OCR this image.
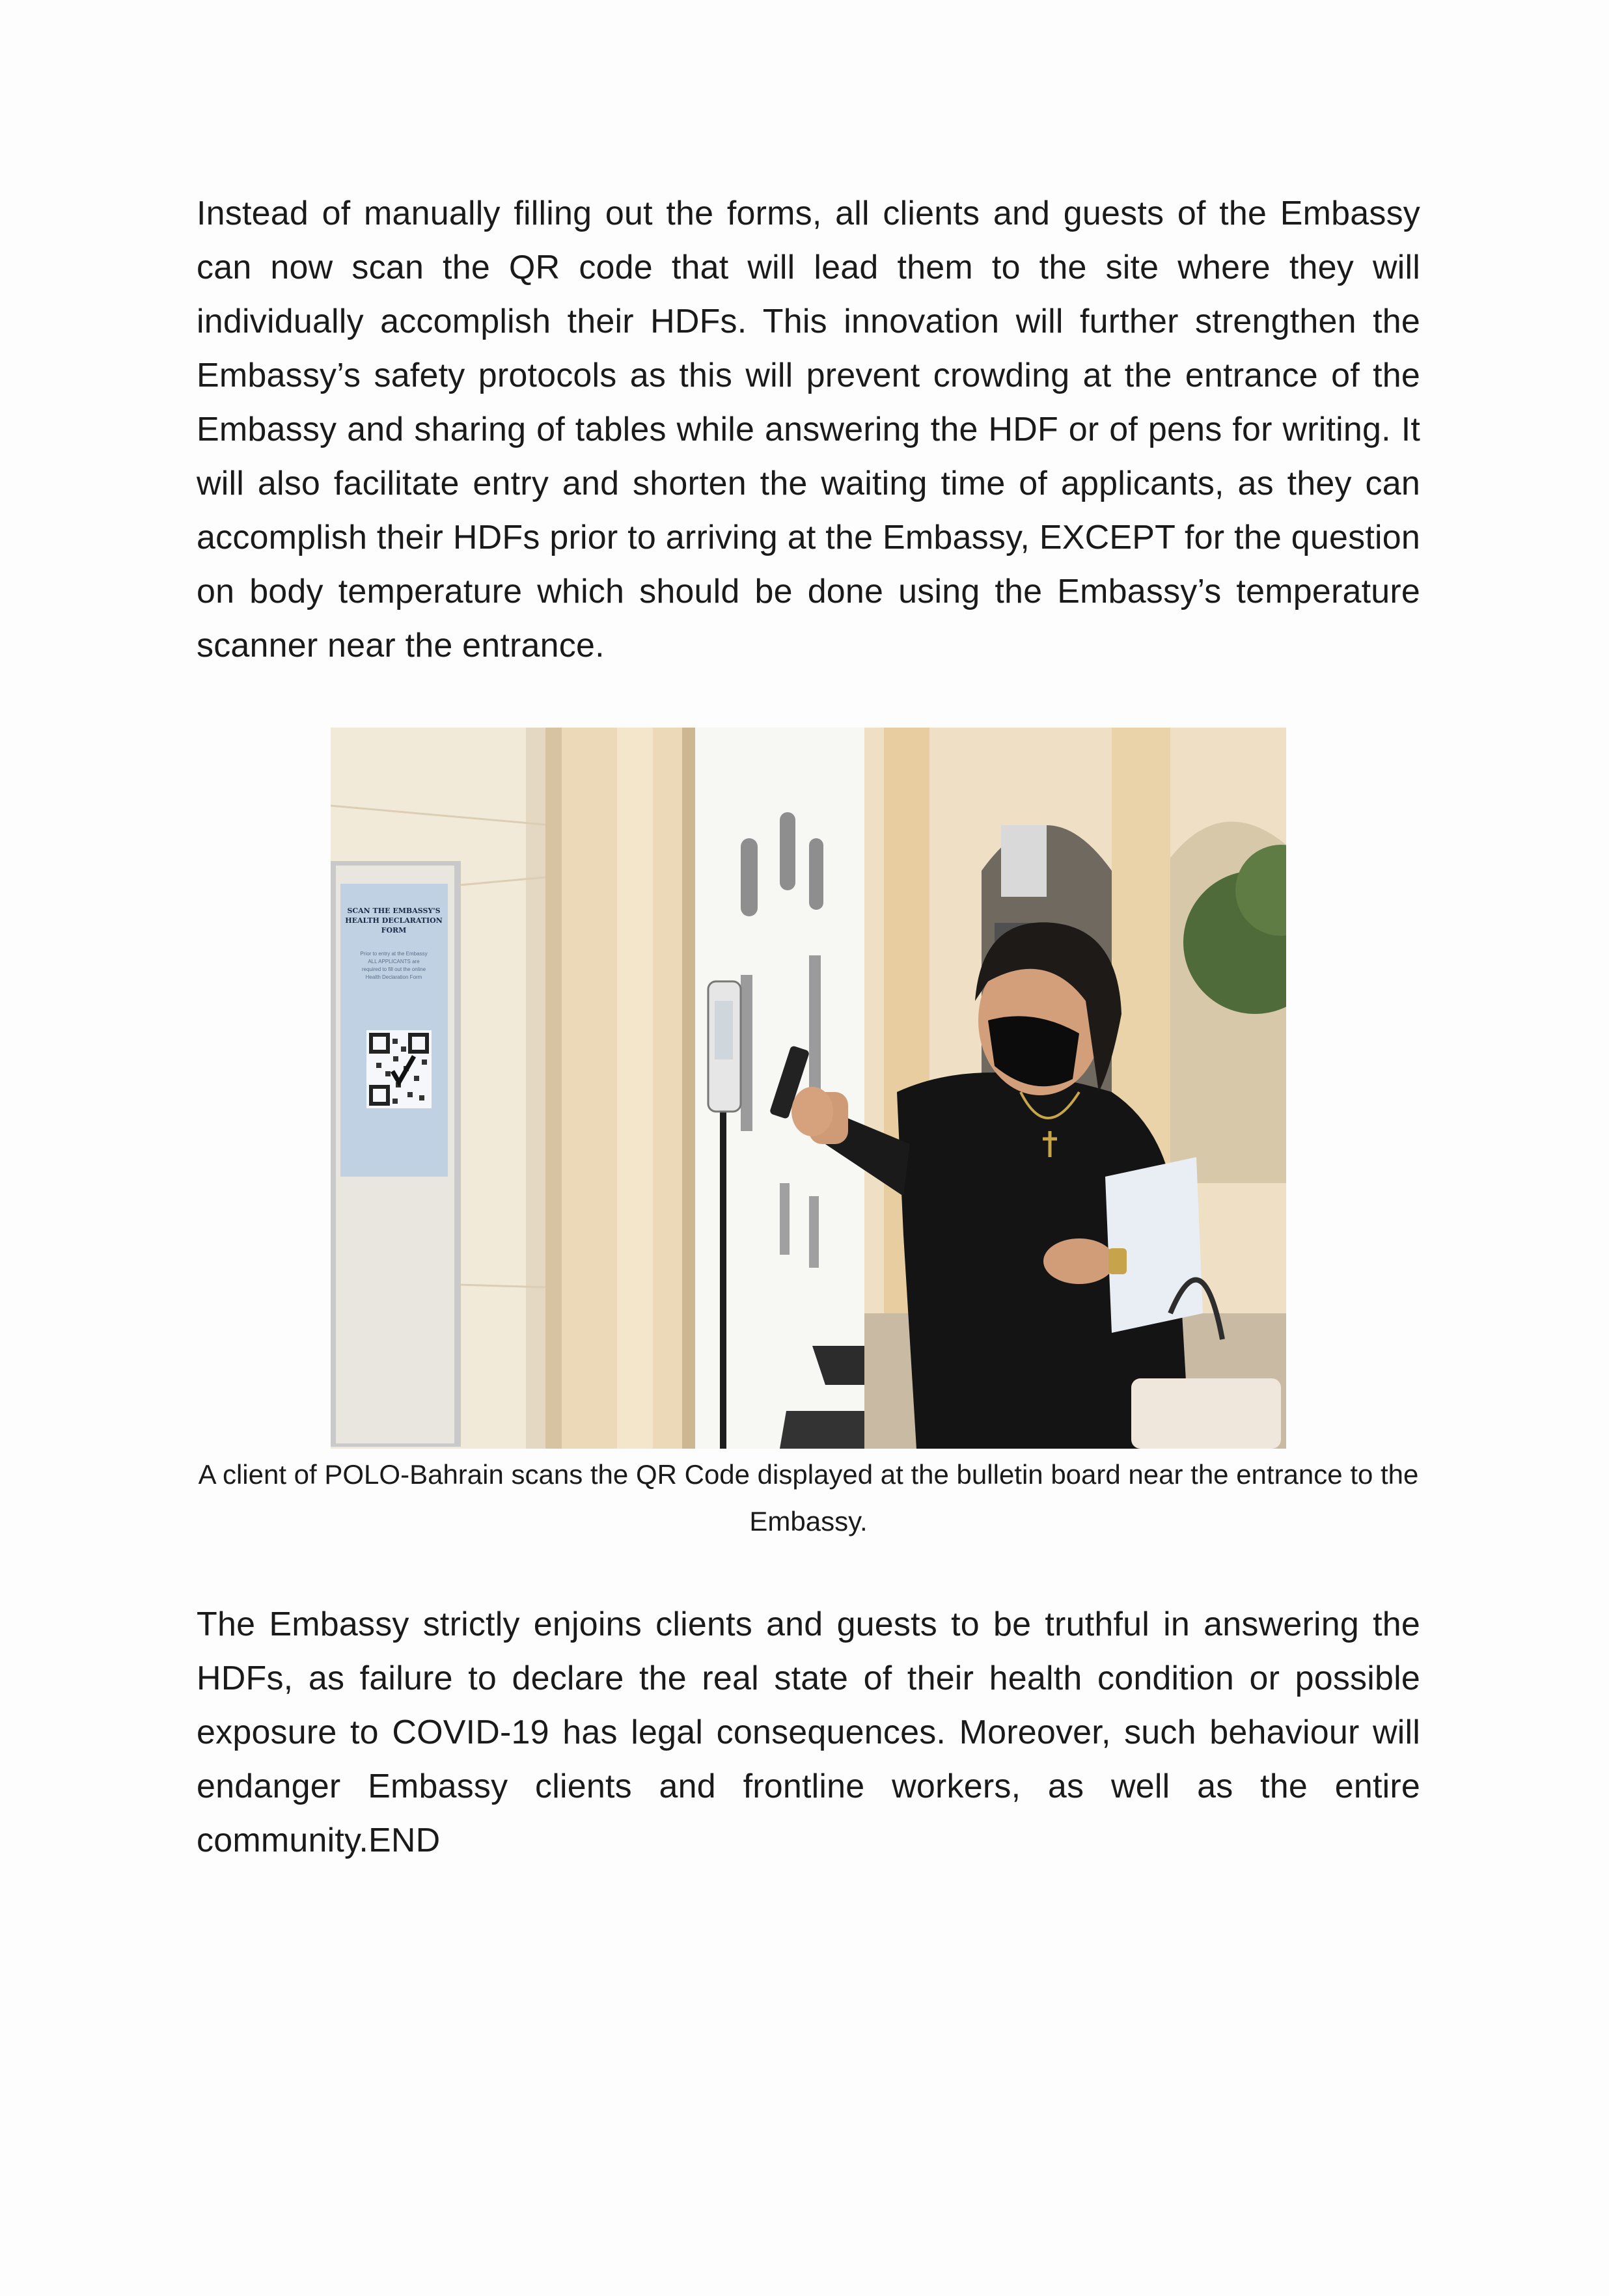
Instead of manually filling out the forms, all clients and guests of the Embassy can now scan the QR code that will lead them to the site where they will individually accomplish their HDFs. This innovation will further strengthen the Embassy’s safety protocols as this will prevent crowding at the entrance of the Embassy and sharing of tables while answering the HDF or of pens for writing. It will also facilitate entry and shorten the waiting time of applicants, as they can accomplish their HDFs prior to arriving at the Embassy, EXCEPT for the question on body temperature which should be done using the Embassy’s temperature scanner near the entrance.

SCAN THE EMBASSY'S
HEALTH DECLARATION
FORM
Prior to entry at the Embassy
ALL APPLICANTS are
required to fill out the online
Health Declaration Form

A client of POLO-Bahrain scans the QR Code displayed at the bulletin board near the entrance to the Embassy.

The Embassy strictly enjoins clients and guests to be truthful in answering the HDFs, as failure to declare the real state of their health condition or possible exposure to COVID-19 has legal consequences. Moreover, such behaviour will endanger Embassy clients and frontline workers, as well as the entire community.END
